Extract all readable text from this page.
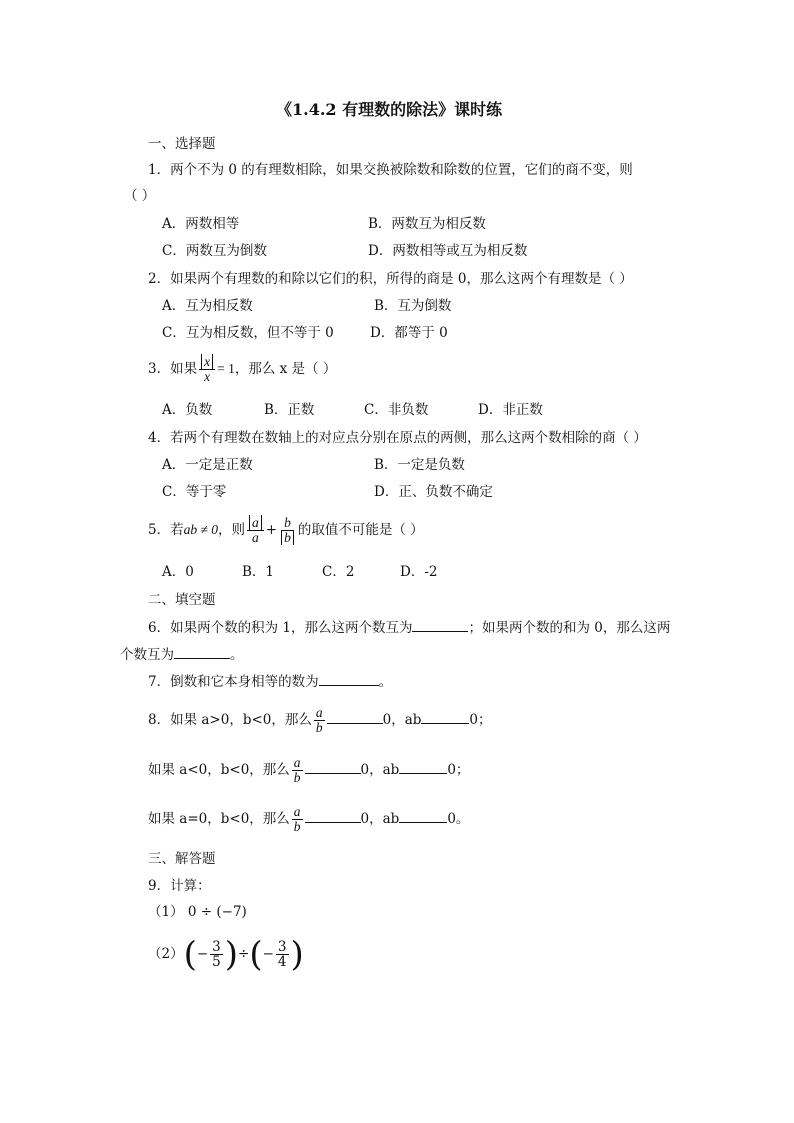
《1.4.2 有理数的除法》课时练
一、选择题
1．两个不为 0 的有理数相除，如果交换被除数和除数的位置，它们的商不变，则
（ ）
A．两数相等	B．两数互为相反数
C．两数互为倒数	D．两数相等或互为相反数
2．如果两个有理数的和除以它们的积，所得的商是 0，那么这两个有理数是（ ）
A．互为相反数	B．互为倒数
C．互为相反数，但不等于 0	D．都等于 0
3．如果 $\frac{x}{x} = 1$，那么 x 是（ ）
A．负数	B．正数	C．非负数	D．非正数
4．若两个有理数在数轴上的对应点分别在原点的两侧，那么这两个数相除的商（ ）
A．一定是正数	B．一定是负数
C．等于零	D．正、负数不确定
5．若ab ≠ 0，则 $\frac{a}{a} + \frac{b}{b}$ 的取值不可能是（ ）
A．0	B．1	C．2	D．-2
二、填空题
6．如果两个数的积为 1，那么这两个数互为	；如果两个数的和为 0，那么这两
个数互为	。
7．倒数和它本身相等的数为	。
8．如果 a>0，b<0，那么 $\frac{a}{b}$	0，ab	0；
如果 a<0，b<0，那么 $\frac{a}{b}$	0，ab	0；
如果 a=0，b<0，那么 $\frac{a}{b}$	0，ab	0。
三、解答题
9．计算：
（1） 0 ÷ (−7)
$(2)(- \frac{3}{5}$ )÷(− $\frac{3}{4}$ )
